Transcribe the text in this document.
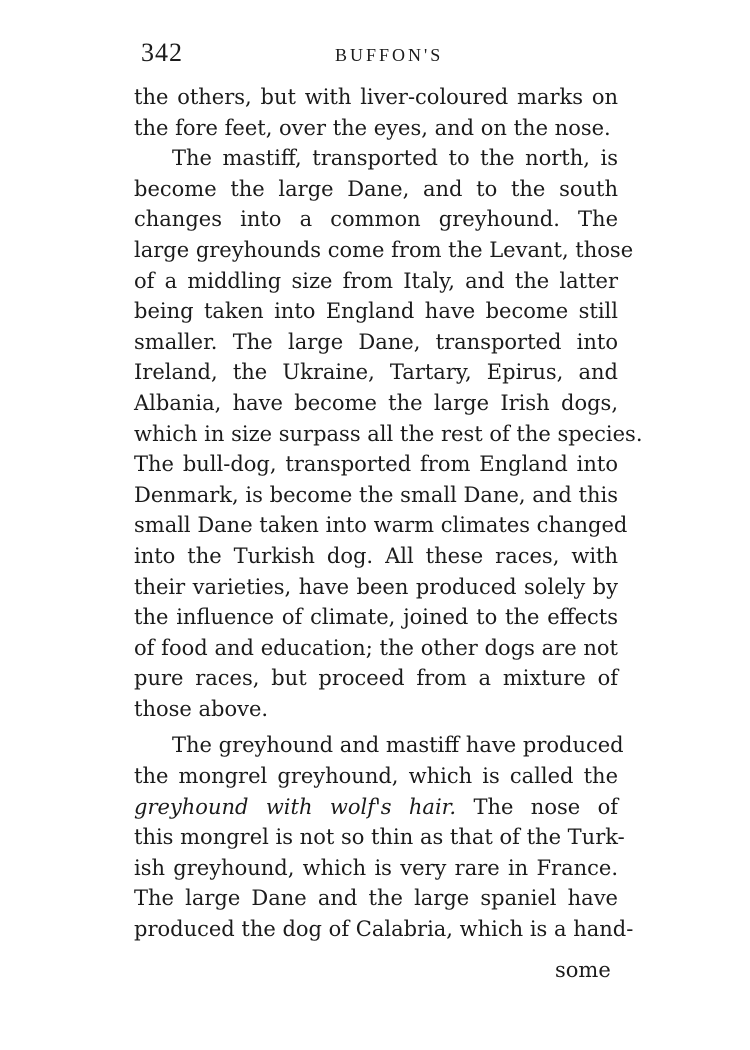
342	BUFFON'S
the others, but with liver-coloured marks on
the fore feet, over the eyes, and on the nose.
The mastiff, transported to the north, is
become the large Dane, and to the south
changes into a common greyhound. The
large greyhounds come from the Levant, those
of a middling size from Italy, and the latter
being taken into England have become still
smaller. The large Dane, transported into
Ireland, the Ukraine, Tartary, Epirus, and
Albania, have become the large Irish dogs,
which in size surpass all the rest of the species.
The bull-dog, transported from England into
Denmark, is become the small Dane, and this
small Dane taken into warm climates changed
into the Turkish dog. All these races, with
their varieties, have been produced solely by
the influence of climate, joined to the effects
of food and education; the other dogs are not
pure races, but proceed from a mixture of
those above.
The greyhound and mastiff have produced
the mongrel greyhound, which is called the
greyhound with wolf's hair. The nose of
this mongrel is not so thin as that of the Turk-
ish greyhound, which is very rare in France.
The large Dane and the large spaniel have
produced the dog of Calabria, which is a hand-
some
